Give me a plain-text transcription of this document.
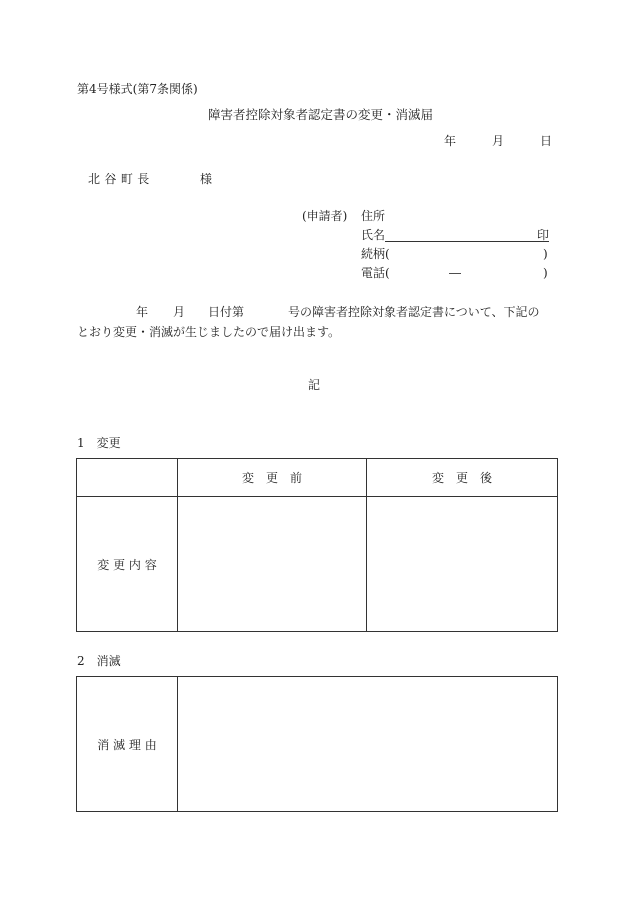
第4号様式(第7条関係)
障害者控除対象者認定書の変更・消滅届
年	月	日
北 谷 町 長	様
(申請者) 住所
氏名	印
続柄(	)
電話(	―	)
年 月 日付第	号の障害者控除対象者認定書について、下記の
とおり変更・消滅が生じましたので届け出ます。
記
1　変更
	変　更　前	変　更　後
変 更 内 容		
2　消滅
消 滅 理 由	
